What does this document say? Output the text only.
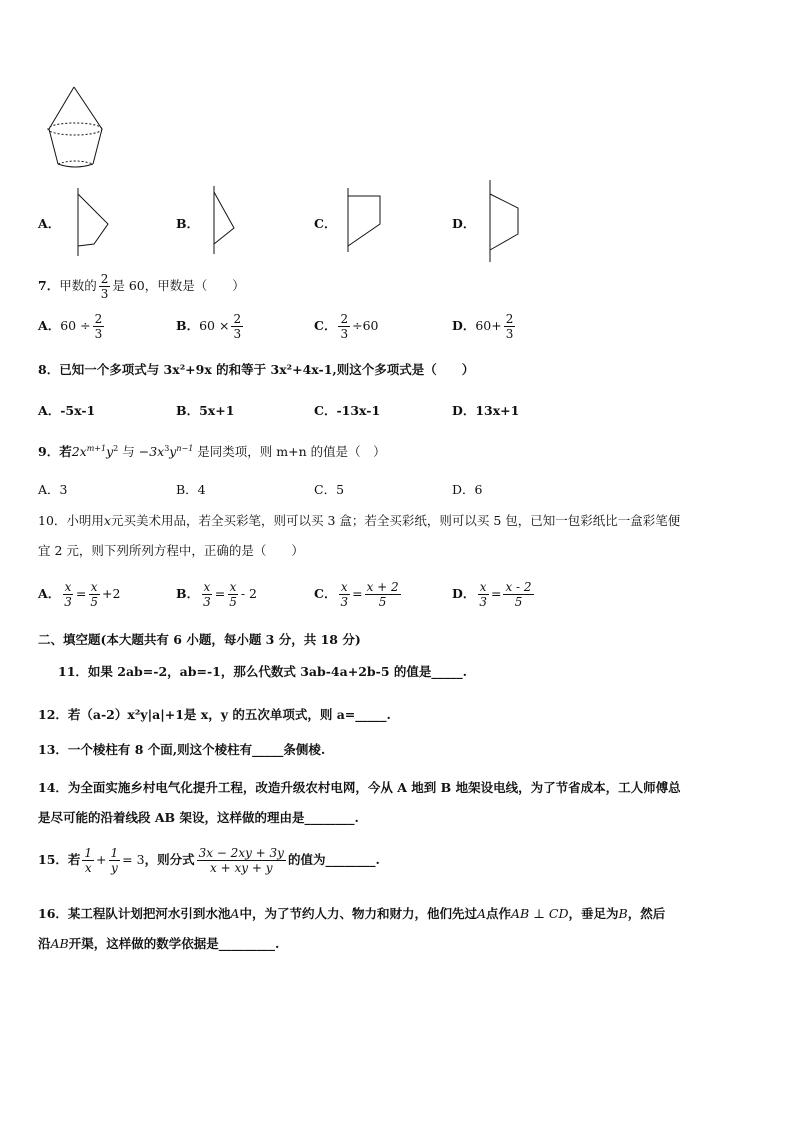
A．	B．	C．	D．
7．甲数的 $\frac{2}{3}$ 是 60，甲数是（　　）
A．$60 \div \frac{2}{3}$	B．$60 \times \frac{2}{3}$	C． $\frac{2}{3} \div 60$	D．$60+ \frac{2}{3}$
8．已知一个多项式与 3x²+9x 的和等于 3x²+4x-1,则这个多项式是（　　）
A．-5x-1	B．5x+1	C．-13x-1	D．13x+1
9．若$2x^{m+1}y^2$ 与 $-3x^3y^{n-1}$ 是同类项，则 m+n 的值是（　）
A．3	B．4	C．5	D．6
10．小明用x元买美术用品，若全买彩笔，则可以买 3 盒；若全买彩纸，则可以买 5 包，已知一包彩纸比一盒彩笔便
宜 2 元，则下列所列方程中，正确的是（　　）
A． $\frac{x}{3} = \frac{x}{5} +2$	B． $\frac{x}{3} = \frac{x}{5} - 2$	C． $\frac{x}{3} = \frac{x + 2}{5}$	D． $\frac{x}{3} = \frac{x - 2}{5}$
二、填空题(本大题共有 6 小题，每小题 3 分，共 18 分)
11．如果 2ab=-2，ab=-1，那么代数式 3ab-4a+2b-5 的值是_____.
12．若（a-2）x²y|a|+1是 x，y 的五次单项式，则 a=_____.
13．一个棱柱有 8 个面,则这个棱柱有_____条侧棱.
14．为全面实施乡村电气化提升工程，改造升级农村电网，今从 A 地到 B 地架设电线，为了节省成本，工人师傅总
是尽可能的沿着线段 AB 架设，这样做的理由是________.
15．若 $\frac{1}{x} + \frac{1}{y} = 3$，则分式 $\frac{3x - 2xy + 3y}{x + xy + y}$ 的值为________.
16．某工程队计划把河水引到水池A中，为了节约人力、物力和财力，他们先过A点作AB ⊥ CD，垂足为B，然后
沿AB开渠，这样做的数学依据是_________.
